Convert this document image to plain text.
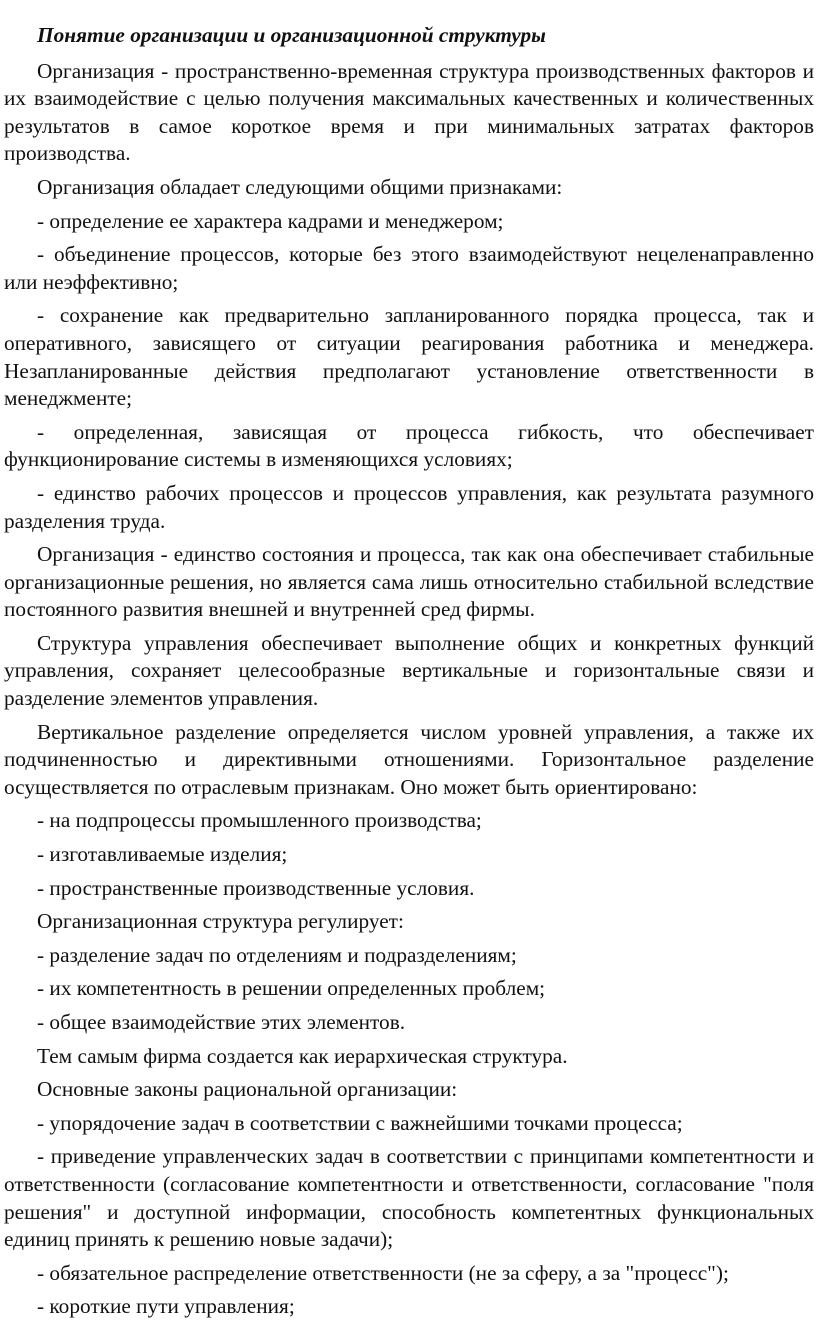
Понятие организации и организационной структуры

Организация - пространственно-временная структура производственных факторов и их взаимодействие с целью получения максимальных качественных и количественных результатов в самое короткое время и при минимальных затратах факторов производства.

Организация обладает следующими общими признаками:

- определение ее характера кадрами и менеджером;

- объединение процессов, которые без этого взаимодействуют нецеленаправленно или неэффективно;

- сохранение как предварительно запланированного порядка процесса, так и оперативного, зависящего от ситуации реагирования работника и менеджера. Незапланированные действия предполагают установление ответственности в менеджменте;

- определенная, зависящая от процесса гибкость, что обеспечивает функционирование системы в изменяющихся условиях;

- единство рабочих процессов и процессов управления, как результата разумного разделения труда.

Организация - единство состояния и процесса, так как она обеспечивает стабильные организационные решения, но является сама лишь относительно стабильной вследствие постоянного развития внешней и внутренней сред фирмы.

Структура управления обеспечивает выполнение общих и конкретных функций управления, сохраняет целесообразные вертикальные и горизонтальные связи и разделение элементов управления.

Вертикальное разделение определяется числом уровней управления, а также их подчиненностью и директивными отношениями. Горизонтальное разделение осуществляется по отраслевым признакам. Оно может быть ориентировано:

- на подпроцессы промышленного производства;

- изготавливаемые изделия;

- пространственные производственные условия.

Организационная структура регулирует:

- разделение задач по отделениям и подразделениям;

- их компетентность в решении определенных проблем;

- общее взаимодействие этих элементов.

Тем самым фирма создается как иерархическая структура.

Основные законы рациональной организации:

- упорядочение задач в соответствии с важнейшими точками процесса;

- приведение управленческих задач в соответствии с принципами компетентности и ответственности (согласование компетентности и ответственности, согласование "поля решения" и доступной информации, способность компетентных функциональных единиц принять к решению новые задачи);

- обязательное распределение ответственности (не за сферу, а за "процесс");

- короткие пути управления;
